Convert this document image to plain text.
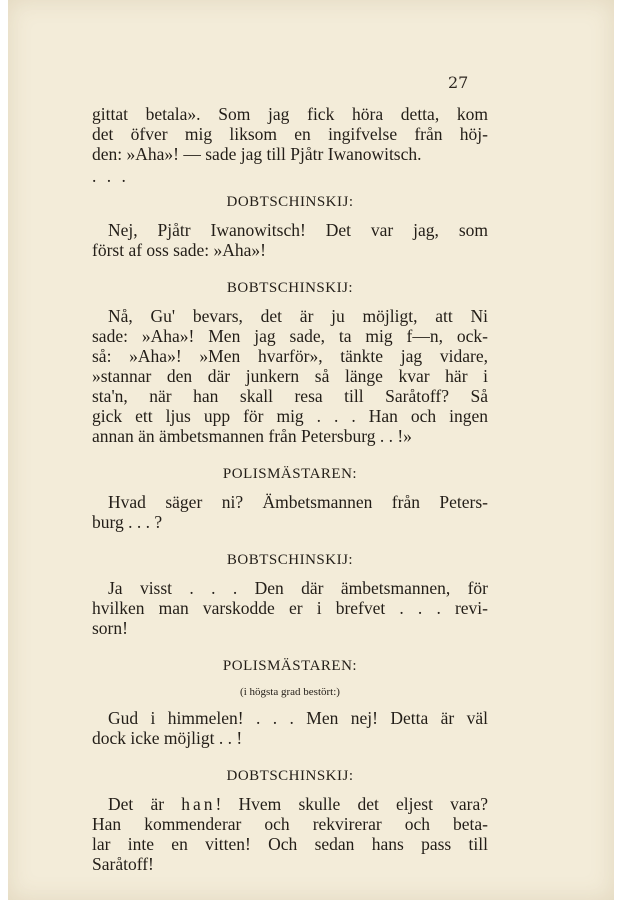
27

gittat betala». Som jag fick höra detta, kom
det öfver mig liksom en ingifvelse från höj-
den: »Aha»! — sade jag till Pjåtr Iwanowitsch.
. . .

DOBTSCHINSKIJ:

Nej, Pjåtr Iwanowitsch! Det var jag, som
först af oss sade: »Aha»!

BOBTSCHINSKIJ:

Nå, Gu' bevars, det är ju möjligt, att Ni
sade: »Aha»! Men jag sade, ta mig f—n, ock-
så: »Aha»! »Men hvarför», tänkte jag vidare,
»stannar den där junkern så länge kvar här i
sta'n, när han skall resa till Saråtoff? Så
gick ett ljus upp för mig . . . Han och ingen
annan än ämbetsmannen från Petersburg . . !»

POLISMÄSTAREN:

Hvad säger ni? Ämbetsmannen från Peters-
burg . . . ?

BOBTSCHINSKIJ:

Ja visst . . . Den där ämbetsmannen, för
hvilken man varskodde er i brefvet . . . revi-
sorn!

POLISMÄSTAREN:
(i högsta grad bestört:)

Gud i himmelen! . . . Men nej! Detta är väl
dock icke möjligt . . !

DOBTSCHINSKIJ:

Det är han! Hvem skulle det eljest vara?
Han kommenderar och rekvirerar och beta-
lar inte en vitten! Och sedan hans pass till
Saråtoff!
